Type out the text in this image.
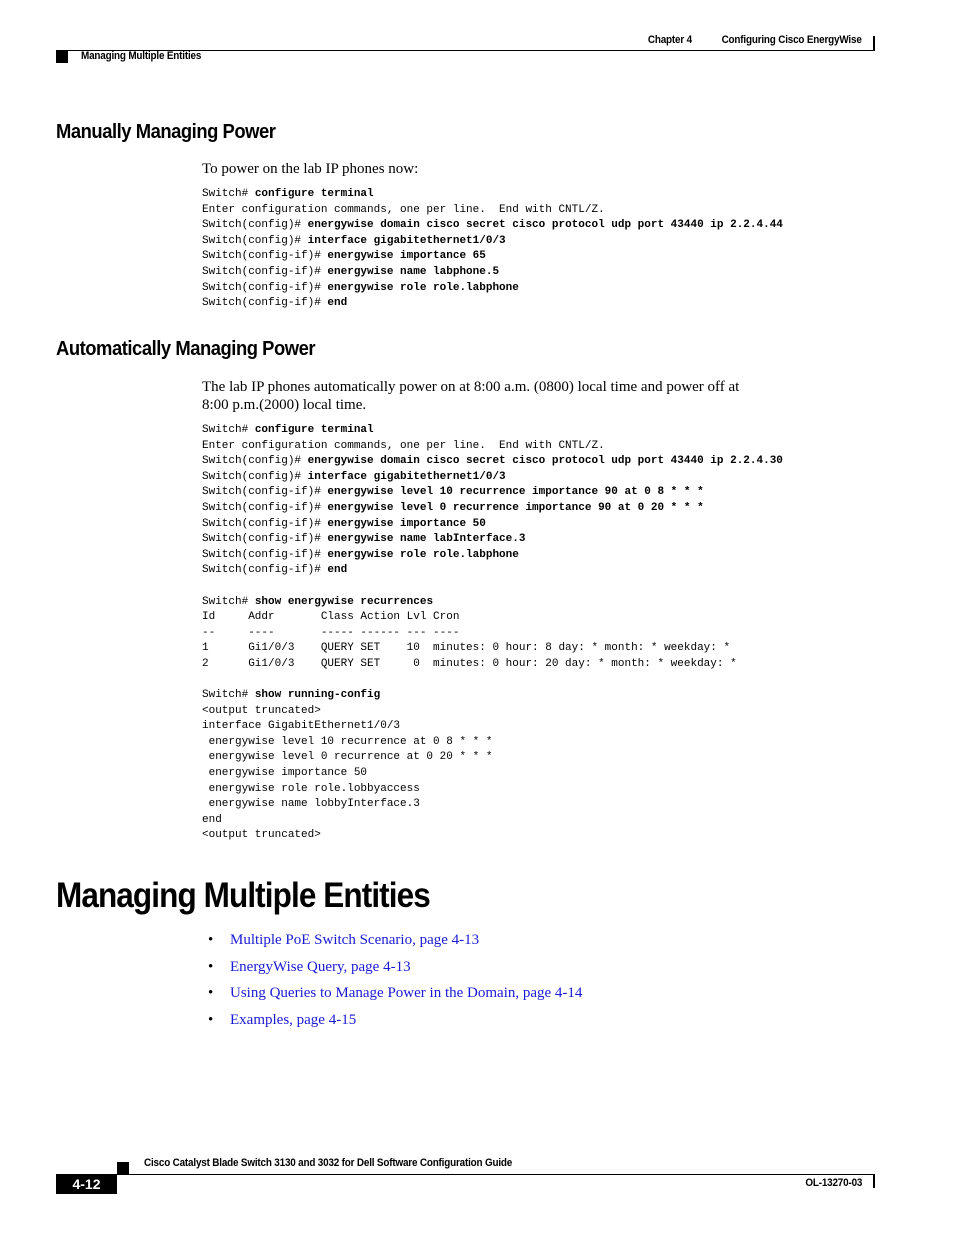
Chapter 4	Configuring Cisco EnergyWise
Managing Multiple Entities
Manually Managing Power
To power on the lab IP phones now:
Switch# configure terminal
Enter configuration commands, one per line.  End with CNTL/Z.
Switch(config)# energywise domain cisco secret cisco protocol udp port 43440 ip 2.2.4.44
Switch(config)# interface gigabitethernet1/0/3
Switch(config-if)# energywise importance 65
Switch(config-if)# energywise name labphone.5
Switch(config-if)# energywise role role.labphone
Switch(config-if)# end
Automatically Managing Power
The lab IP phones automatically power on at 8:00 a.m. (0800) local time and power off at
8:00 p.m.(2000) local time.
Switch# configure terminal
Enter configuration commands, one per line.  End with CNTL/Z.
Switch(config)# energywise domain cisco secret cisco protocol udp port 43440 ip 2.2.4.30
Switch(config)# interface gigabitethernet1/0/3
Switch(config-if)# energywise level 10 recurrence importance 90 at 0 8 * * *
Switch(config-if)# energywise level 0 recurrence importance 90 at 0 20 * * *
Switch(config-if)# energywise importance 50
Switch(config-if)# energywise name labInterface.3
Switch(config-if)# energywise role role.labphone
Switch(config-if)# end

Switch# show energywise recurrences
Id     Addr       Class Action Lvl Cron
--     ----       ----- ------ --- ----
1      Gi1/0/3    QUERY SET    10  minutes: 0 hour: 8 day: * month: * weekday: *
2      Gi1/0/3    QUERY SET     0  minutes: 0 hour: 20 day: * month: * weekday: *

Switch# show running-config
<output truncated>
interface GigabitEthernet1/0/3
energywise level 10 recurrence at 0 8 * * *
energywise level 0 recurrence at 0 20 * * *
energywise importance 50
energywise role role.lobbyaccess
energywise name lobbyInterface.3
end
<output truncated>
Managing Multiple Entities
• Multiple PoE Switch Scenario, page 4-13
• EnergyWise Query, page 4-13
• Using Queries to Manage Power in the Domain, page 4-14
• Examples, page 4-15
Cisco Catalyst Blade Switch 3130 and 3032 for Dell Software Configuration Guide
4-12	OL-13270-03
